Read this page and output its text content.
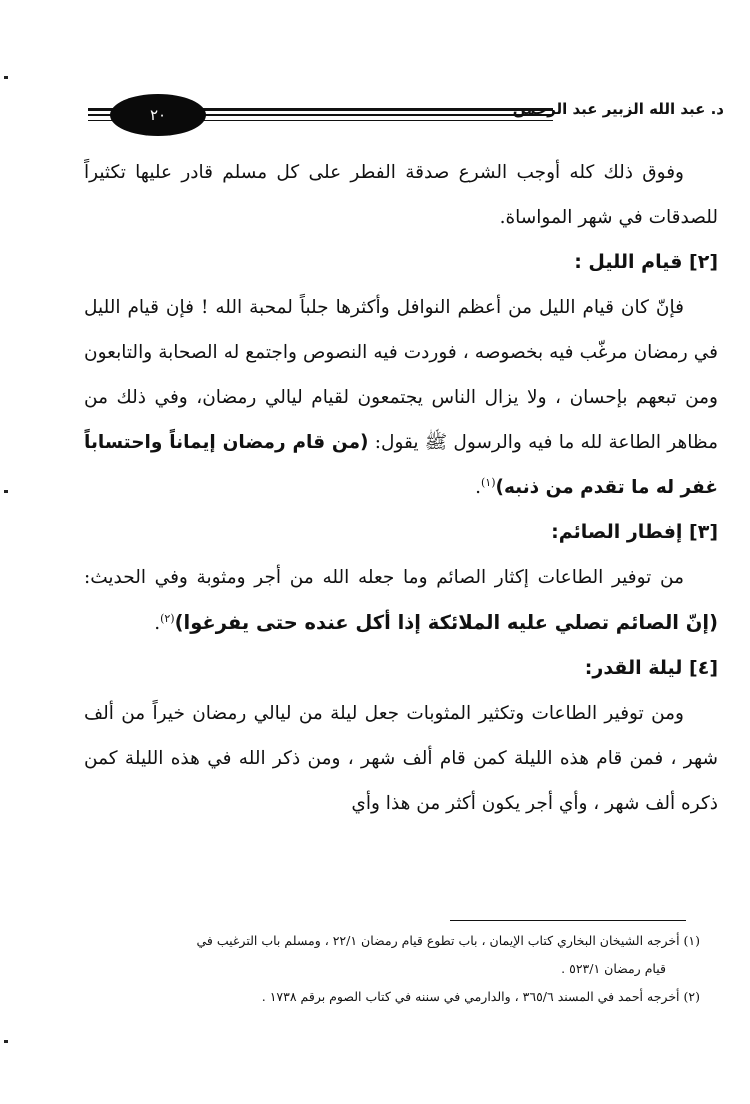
٢٠	د. عبد الله الزبير عبد الرحمن

وفوق ذلك كله أوجب الشرع صدقة الفطر على كل مسلم قادر عليها تكثيراً للصدقات في شهر المواساة.

[٢] قيام الليل :

فإنّ كان قيام الليل من أعظم النوافل وأكثرها جلباً لمحبة الله ! فإن قيام الليل في رمضان مرغّب فيه بخصوصه ، فوردت فيه النصوص واجتمع له الصحابة والتابعون ومن تبعهم بإحسان ، ولا يزال الناس يجتمعون لقيام ليالي رمضان، وفي ذلك من مظاهر الطاعة لله ما فيه والرسول ﷺ يقول: (من قام رمضان إيماناً واحتساباً غفر له ما تقدم من ذنبه)$^{(١)}$.

[٣] إفطار الصائم:

من توفير الطاعات إكثار الصائم وما جعله الله من أجر ومثوبة وفي الحديث: (إنّ الصائم تصلي عليه الملائكة إذا أكل عنده حتى يفرغوا)$^{(٢)}$.

[٤] ليلة القدر:

ومن توفير الطاعات وتكثير المثوبات جعل ليلة من ليالي رمضان خيراً من ألف شهر ، فمن قام هذه الليلة كمن قام ألف شهر ، ومن ذكر الله في هذه الليلة كمن ذكره ألف شهر ، وأي أجر يكون أكثر من هذا وأي

(١) أخرجه الشيخان البخاري كتاب الإيمان ، باب تطوع قيام رمضان ٢٢/١ ، ومسلم باب الترغيب في

قيام رمضان ٥٢٣/١ .

(٢) أخرجه أحمد في المسند ٣٦٥/٦ ، والدارمي في سننه في كتاب الصوم برقم ١٧٣٨ .
